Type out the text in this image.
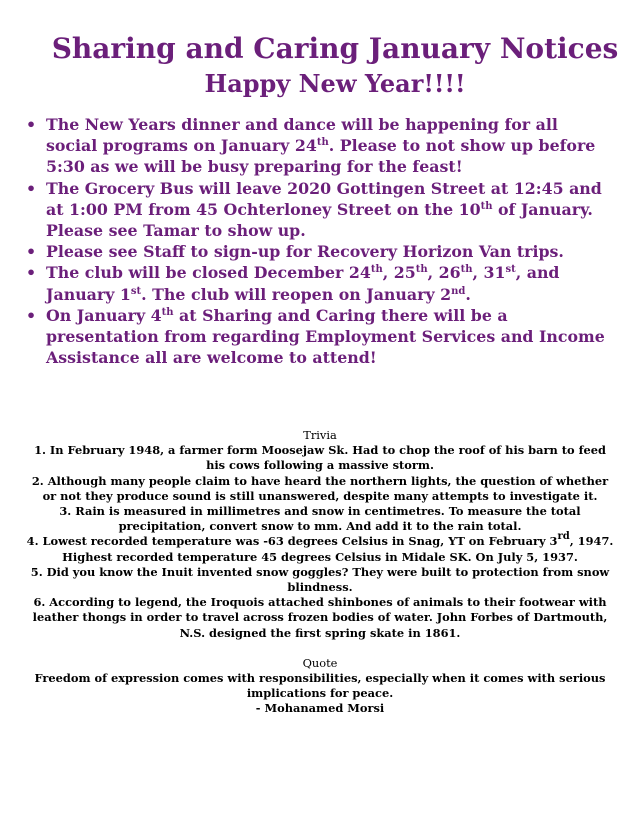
Sharing and Caring January Notices
Happy New Year!!!!
• The New Years dinner and dance will be happening for all social programs on January 24th. Please to not show up before 5:30 as we will be busy preparing for the feast!
• The Grocery Bus will leave 2020 Gottingen Street at 12:45 and at 1:00 PM from 45 Ochterloney Street on the 10th of January. Please see Tamar to show up.
• Please see Staff to sign-up for Recovery Horizon Van trips.
• The club will be closed December 24th, 25th, 26th, 31st, and January 1st. The club will reopen on January 2nd.
• On January 4th at Sharing and Caring there will be a presentation from regarding Employment Services and Income Assistance all are welcome to attend!

Trivia

1. In February 1948, a farmer form Moosejaw Sk. Had to chop the roof of his barn to feed his cows following a massive storm.

2. Although many people claim to have heard the northern lights, the question of whether or not they produce sound is still unanswered, despite many attempts to investigate it.

3. Rain is measured in millimetres and snow in centimetres. To measure the total precipitation, convert snow to mm. And add it to the rain total.

4. Lowest recorded temperature was -63 degrees Celsius in Snag, YT on February 3rd, 1947.

Highest recorded temperature 45 degrees Celsius in Midale SK. On July 5, 1937.

5. Did you know the Inuit invented snow goggles? They were built to protection from snow blindness.

6. According to legend, the Iroquois attached shinbones of animals to their footwear with leather thongs in order to travel across frozen bodies of water. John Forbes of Dartmouth, N.S. designed the first spring skate in 1861.

Quote

Freedom of expression comes with responsibilities, especially when it comes with serious implications for peace.

- Mohanamed Morsi
